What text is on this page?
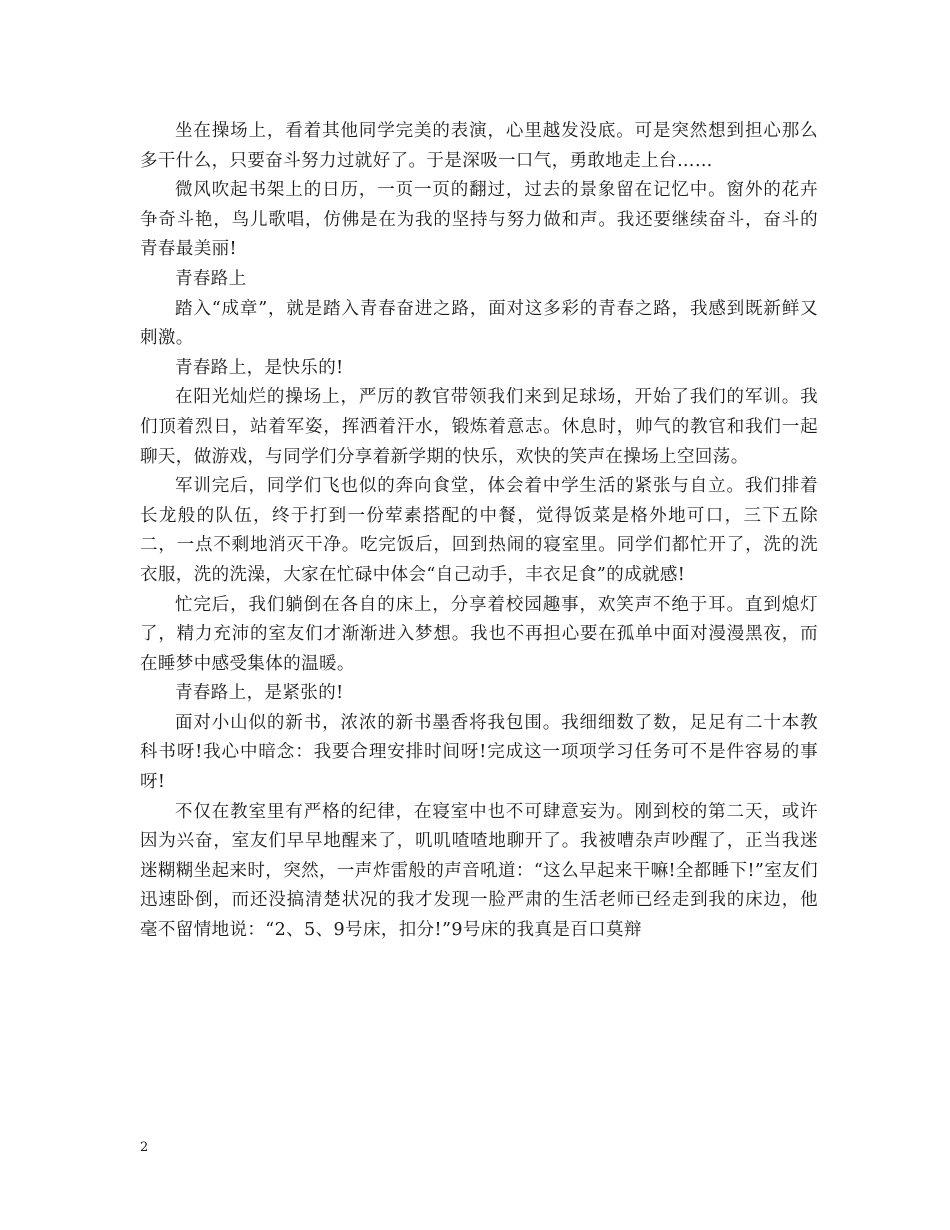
坐在操场上，看着其他同学完美的表演，心里越发没底。可是突然想到担心那么多干什么，只要奋斗努力过就好了。于是深吸一口气，勇敢地走上台……

微风吹起书架上的日历，一页一页的翻过，过去的景象留在记忆中。窗外的花卉争奇斗艳，鸟儿歌唱，仿佛是在为我的坚持与努力做和声。我还要继续奋斗，奋斗的青春最美丽!

青春路上

踏入“成章”，就是踏入青春奋进之路，面对这多彩的青春之路，我感到既新鲜又刺激。

青春路上，是快乐的!

在阳光灿烂的操场上，严厉的教官带领我们来到足球场，开始了我们的军训。我们顶着烈日，站着军姿，挥洒着汗水，锻炼着意志。休息时，帅气的教官和我们一起聊天，做游戏，与同学们分享着新学期的快乐，欢快的笑声在操场上空回荡。

军训完后，同学们飞也似的奔向食堂，体会着中学生活的紧张与自立。我们排着长龙般的队伍，终于打到一份荤素搭配的中餐，觉得饭菜是格外地可口，三下五除二，一点不剩地消灭干净。吃完饭后，回到热闹的寝室里。同学们都忙开了，洗的洗衣服，洗的洗澡，大家在忙碌中体会“自己动手，丰衣足食”的成就感!

忙完后，我们躺倒在各自的床上，分享着校园趣事，欢笑声不绝于耳。直到熄灯了，精力充沛的室友们才渐渐进入梦想。我也不再担心要在孤单中面对漫漫黑夜，而在睡梦中感受集体的温暖。

青春路上，是紧张的!

面对小山似的新书，浓浓的新书墨香将我包围。我细细数了数，足足有二十本教科书呀!我心中暗念：我要合理安排时间呀!完成这一项项学习任务可不是件容易的事呀!

不仅在教室里有严格的纪律，在寝室中也不可肆意妄为。刚到校的第二天，或许因为兴奋，室友们早早地醒来了，叽叽喳喳地聊开了。我被嘈杂声吵醒了，正当我迷迷糊糊坐起来时，突然，一声炸雷般的声音吼道：“这么早起来干嘛!全都睡下!”室友们迅速卧倒，而还没搞清楚状况的我才发现一脸严肃的生活老师已经走到我的床边，他毫不留情地说：“2、5、9号床，扣分!”9号床的我真是百口莫辩

2
